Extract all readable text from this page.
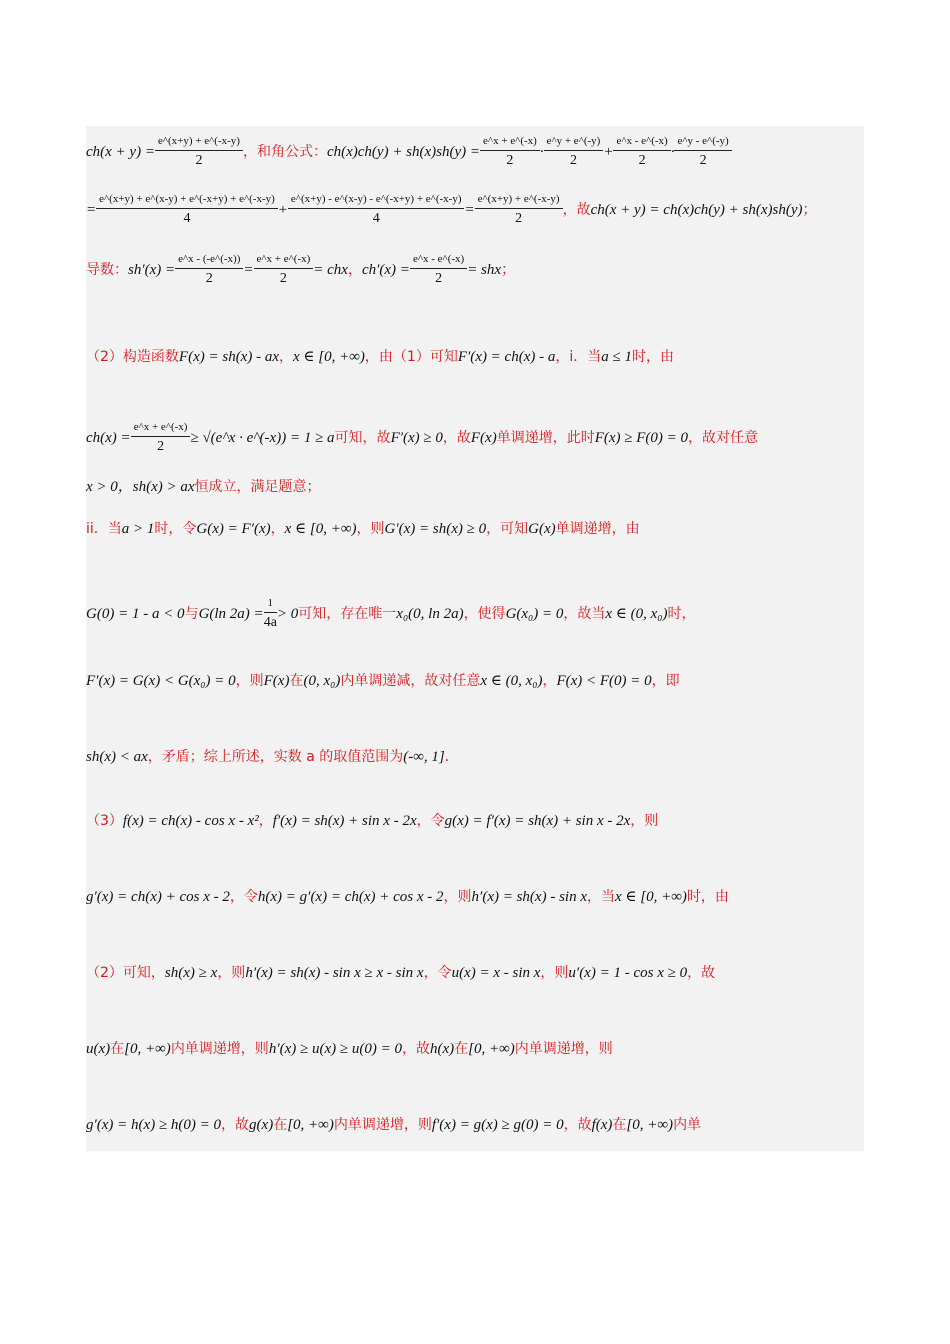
$ch(x + y) = \frac{e\^{}(x+y) + e\^{}(-x-y)}{2}$ ，和角公式：$ch(x)ch(y) + sh(x)sh(y) = \frac{e\^{}x + e\^{}(-x)}{2} \cdot \frac{e\^{}y + e\^{}(-y)}{2} + \frac{e\^{}x - e\^{}(-x)}{2} \cdot \frac{e\^{}y - e\^{}(-y)}{2}$
= $\frac{e\^{}(x+y) + e\^{}(x-y) + e\^{}(-x+y) + e\^{}(-x-y)}{4} + \frac{e\^{}(x+y) - e\^{}(x-y) - e\^{}(-x+y) + e\^{}(-x-y)}{4} = \frac{e\^{}(x+y) + e\^{}(-x-y)}{2}$ ，故ch(x + y) = ch(x)ch(y) + sh(x)sh(y)；
导数：$sh'(x) = \frac{e\^{}x - (-e\^{}(-x))}{2} = \frac{e\^{}x + e\^{}(-x)}{2}$ = chx，$ch'(x) = \frac{e\^{}x - e\^{}(-x)}{2}$ = shx；
（2）构造函数F(x) = sh(x) - ax，x ∈ [0, +∞)，由（1）可知F′(x) = ch(x) - a，i．当a ≤ 1时，由
$ch(x) = \frac{e\^{}x + e\^{}(-x)}{2}$ ≥ √(e^x · e^(-x)) = 1 ≥ a可知，故F′(x) ≥ 0，故F(x)单调递增，此时F(x) ≥ F(0) = 0，故对任意
x > 0，sh(x) > ax恒成立，满足题意；
ii．当a > 1时，令G(x) = F′(x)，x ∈ [0, +∞)，则G′(x) = sh(x) ≥ 0，可知G(x)单调递增，由
G(0) = 1 - a < 0与G(ln $2a) = \frac{1}{4a} > 0$可知，存在唯一x₀(0, ln 2a)，使得G(x₀) = 0，故当x ∈ (0, x₀)时，
F′(x) = G(x) < G(x₀) = 0，则F(x)在(0, x₀)内单调递减，故对任意x ∈ (0, x₀)，F(x) < F(0) = 0，即
sh(x) < ax，矛盾；综上所述，实数 a 的取值范围为(-∞, 1]．
（3）f(x) = ch(x) - cos x - x²，f′(x) = sh(x) + sin x - 2x，令g(x) = f′(x) = sh(x) + sin x - 2x，则
g′(x) = ch(x) + cos x - 2，令h(x) = g′(x) = ch(x) + cos x - 2，则h′(x) = sh(x) - sin x，当x ∈ [0, +∞)时，由
（2）可知，sh(x) ≥ x，则h′(x) = sh(x) - sin x ≥ x - sin x，令u(x) = x - sin x，则u′(x) = 1 - cos x ≥ 0，故
u(x)在[0, +∞)内单调递增，则h′(x) ≥ u(x) ≥ u(0) = 0，故h(x)在[0, +∞)内单调递增，则
g′(x) = h(x) ≥ h(0) = 0，故g(x)在[0, +∞)内单调递增，则f′(x) = g(x) ≥ g(0) = 0，故f(x)在[0, +∞)内单
